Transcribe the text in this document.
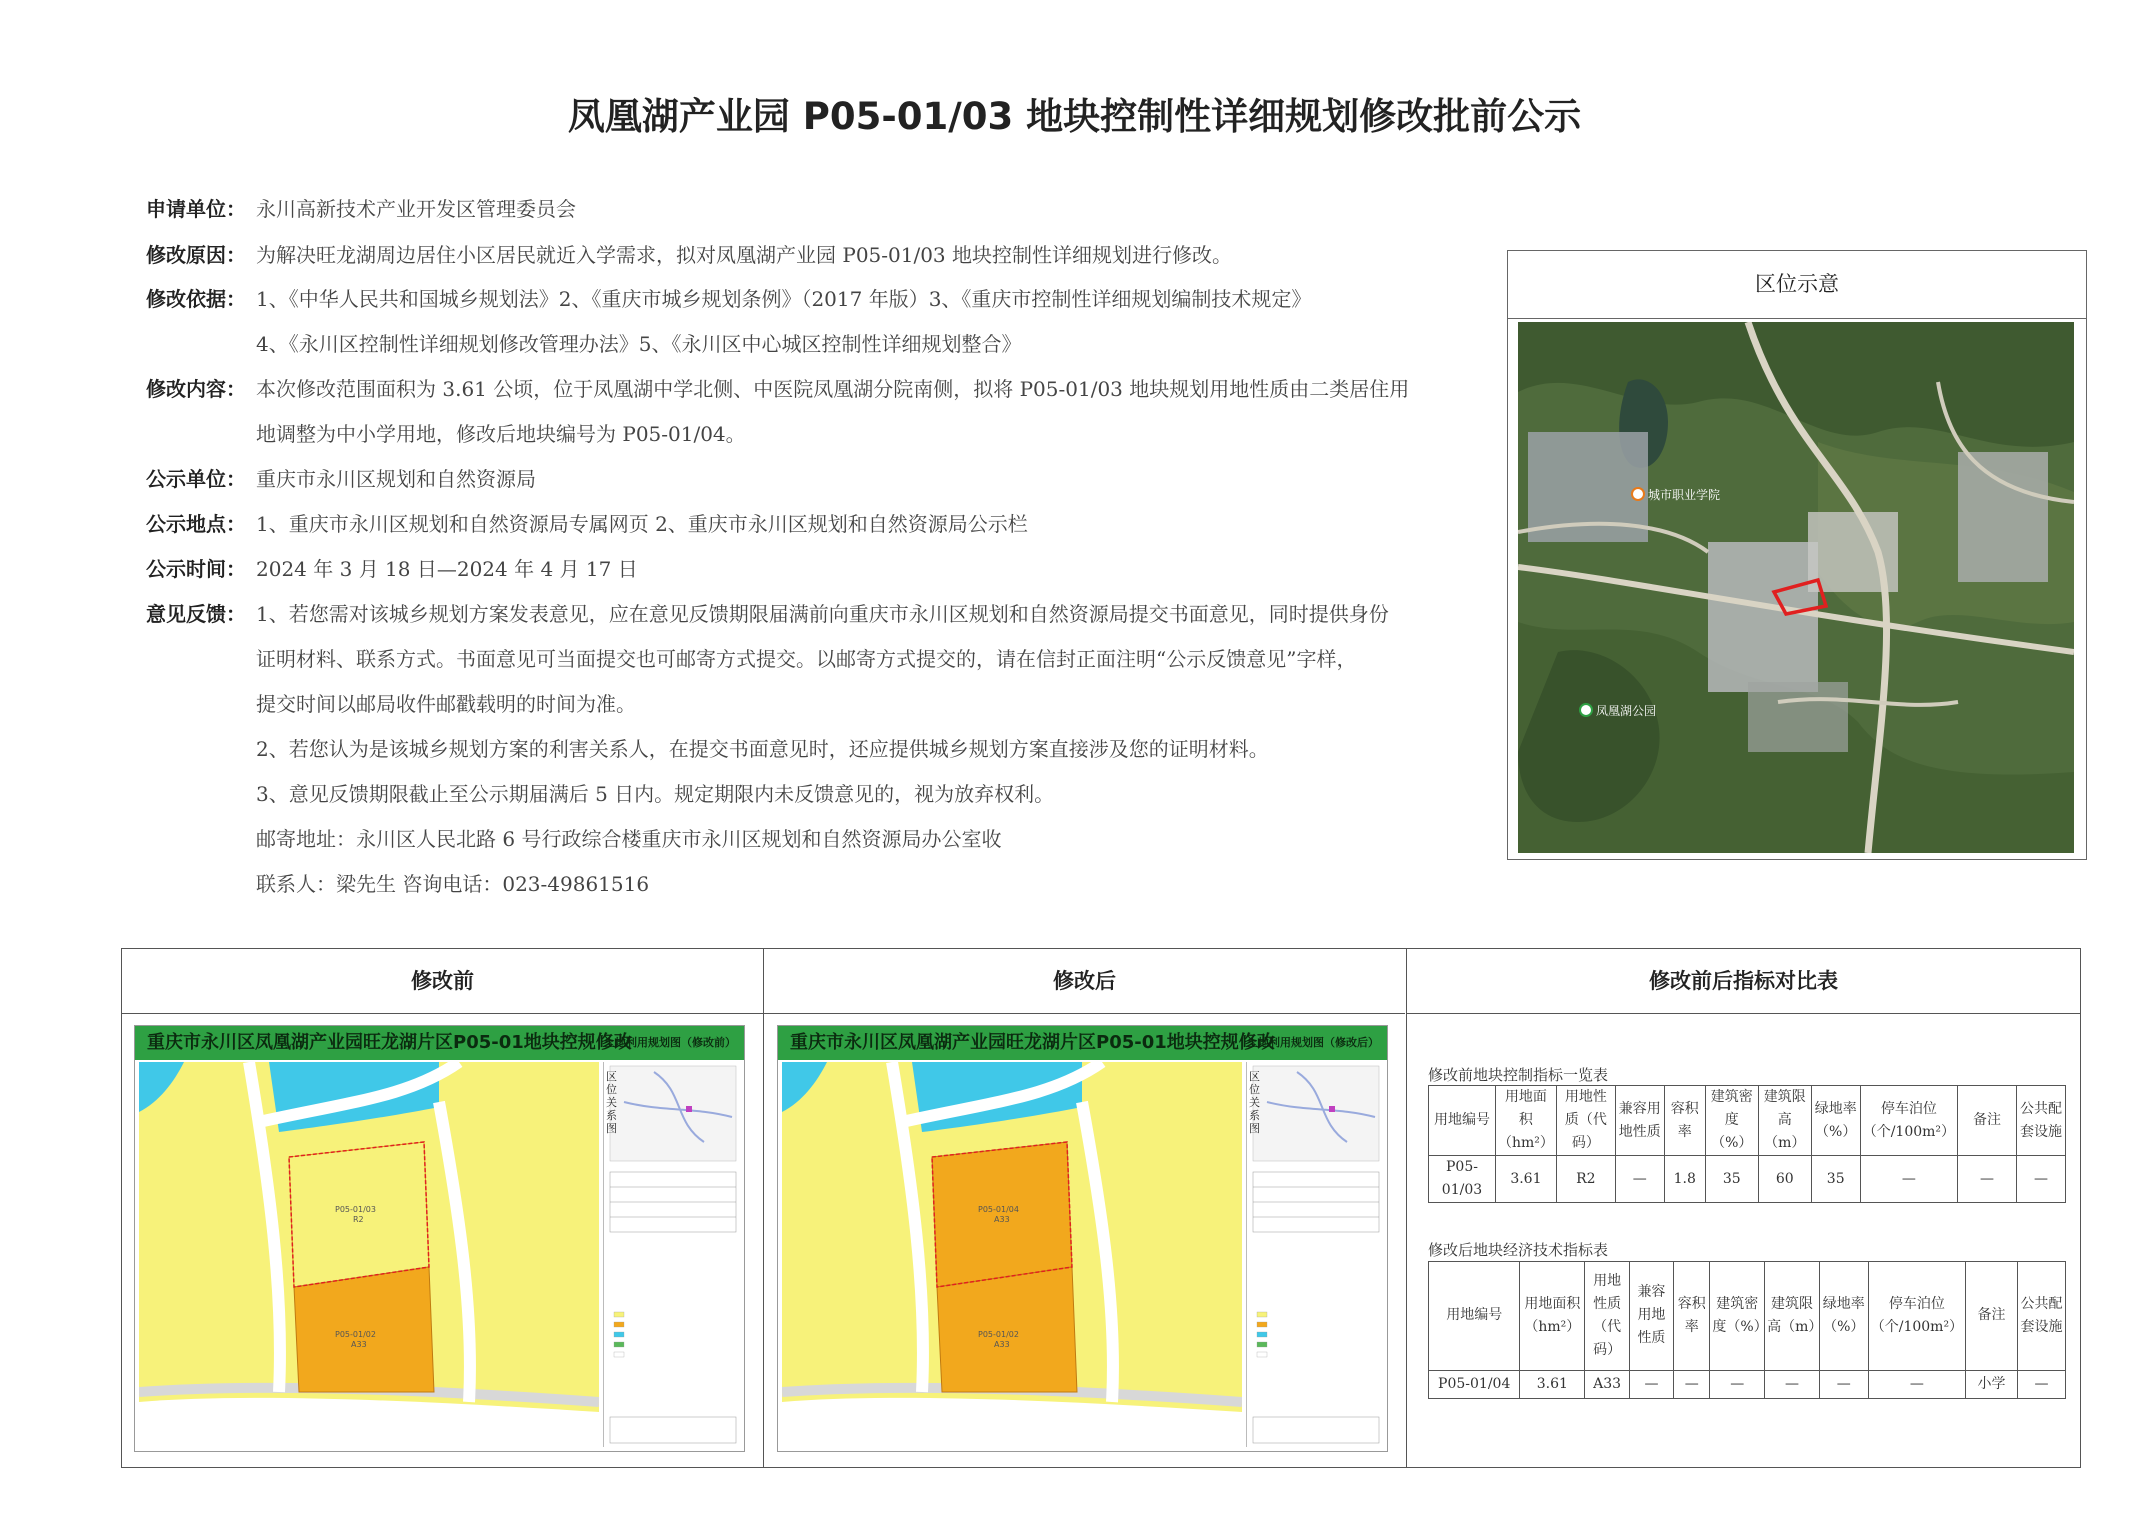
凤凰湖产业园 P05-01/03 地块控制性详细规划修改批前公示
申请单位： 永川高新技术产业开发区管理委员会
修改原因： 为解决旺龙湖周边居住小区居民就近入学需求，拟对凤凰湖产业园 P05-01/03 地块控制性详细规划进行修改。
修改依据： 1、《中华人民共和国城乡规划法》2、《重庆市城乡规划条例》（2017 年版）3、《重庆市控制性详细规划编制技术规定》
4、《永川区控制性详细规划修改管理办法》5、《永川区中心城区控制性详细规划整合》
修改内容： 本次修改范围面积为 3.61 公顷，位于凤凰湖中学北侧、中医院凤凰湖分院南侧，拟将 P05-01/03 地块规划用地性质由二类居住用
地调整为中小学用地，修改后地块编号为 P05-01/04。
公示单位： 重庆市永川区规划和自然资源局
公示地点： 1、重庆市永川区规划和自然资源局专属网页 2、重庆市永川区规划和自然资源局公示栏
公示时间： 2024 年 3 月 18 日—2024 年 4 月 17 日
意见反馈： 1、若您需对该城乡规划方案发表意见，应在意见反馈期限届满前向重庆市永川区规划和自然资源局提交书面意见，同时提供身份
证明材料、联系方式。书面意见可当面提交也可邮寄方式提交。以邮寄方式提交的，请在信封正面注明“公示反馈意见”字样，
提交时间以邮局收件邮戳载明的时间为准。
2、若您认为是该城乡规划方案的利害关系人，在提交书面意见时，还应提供城乡规划方案直接涉及您的证明材料。
3、意见反馈期限截止至公示期届满后 5 日内。规定期限内未反馈意见的，视为放弃权利。
邮寄地址：永川区人民北路 6 号行政综合楼重庆市永川区规划和自然资源局办公室收
联系人：梁先生 咨询电话：023-49861516
区位示意
城市职业学院
凤凰湖公园
修改前	修改后	修改前后指标对比表
重庆市永川区凤凰湖产业园旺龙湖片区P05-01地块控规修改
土地利用规划图（修改前）
P05-01/03
R2
P05-01/02
A33
区位关系图
重庆市永川区凤凰湖产业园旺龙湖片区P05-01地块控规修改
土地利用规划图（修改后）
P05-01/04
A33
P05-01/02
A33
区位关系图
修改前地块控制指标一览表
用地编号	用地面积（hm²）	用地性质（代码）	兼容用地性质	容积率	建筑密度（%）	建筑限高（m）	绿地率（%）	停车泊位（个/100m²）	备注	公共配套设施
P05-01/03	3.61	R2	—	1.8	35	60	35	—	—	—
修改后地块经济技术指标表
用地编号	用地面积（hm²）	用地性质（代码）	兼容用地性质	容积率	建筑密度（%）	建筑限高（m）	绿地率（%）	停车泊位（个/100m²）	备注	公共配套设施
P05-01/04	3.61	A33	—	—	—	—	—	—	小学	—
